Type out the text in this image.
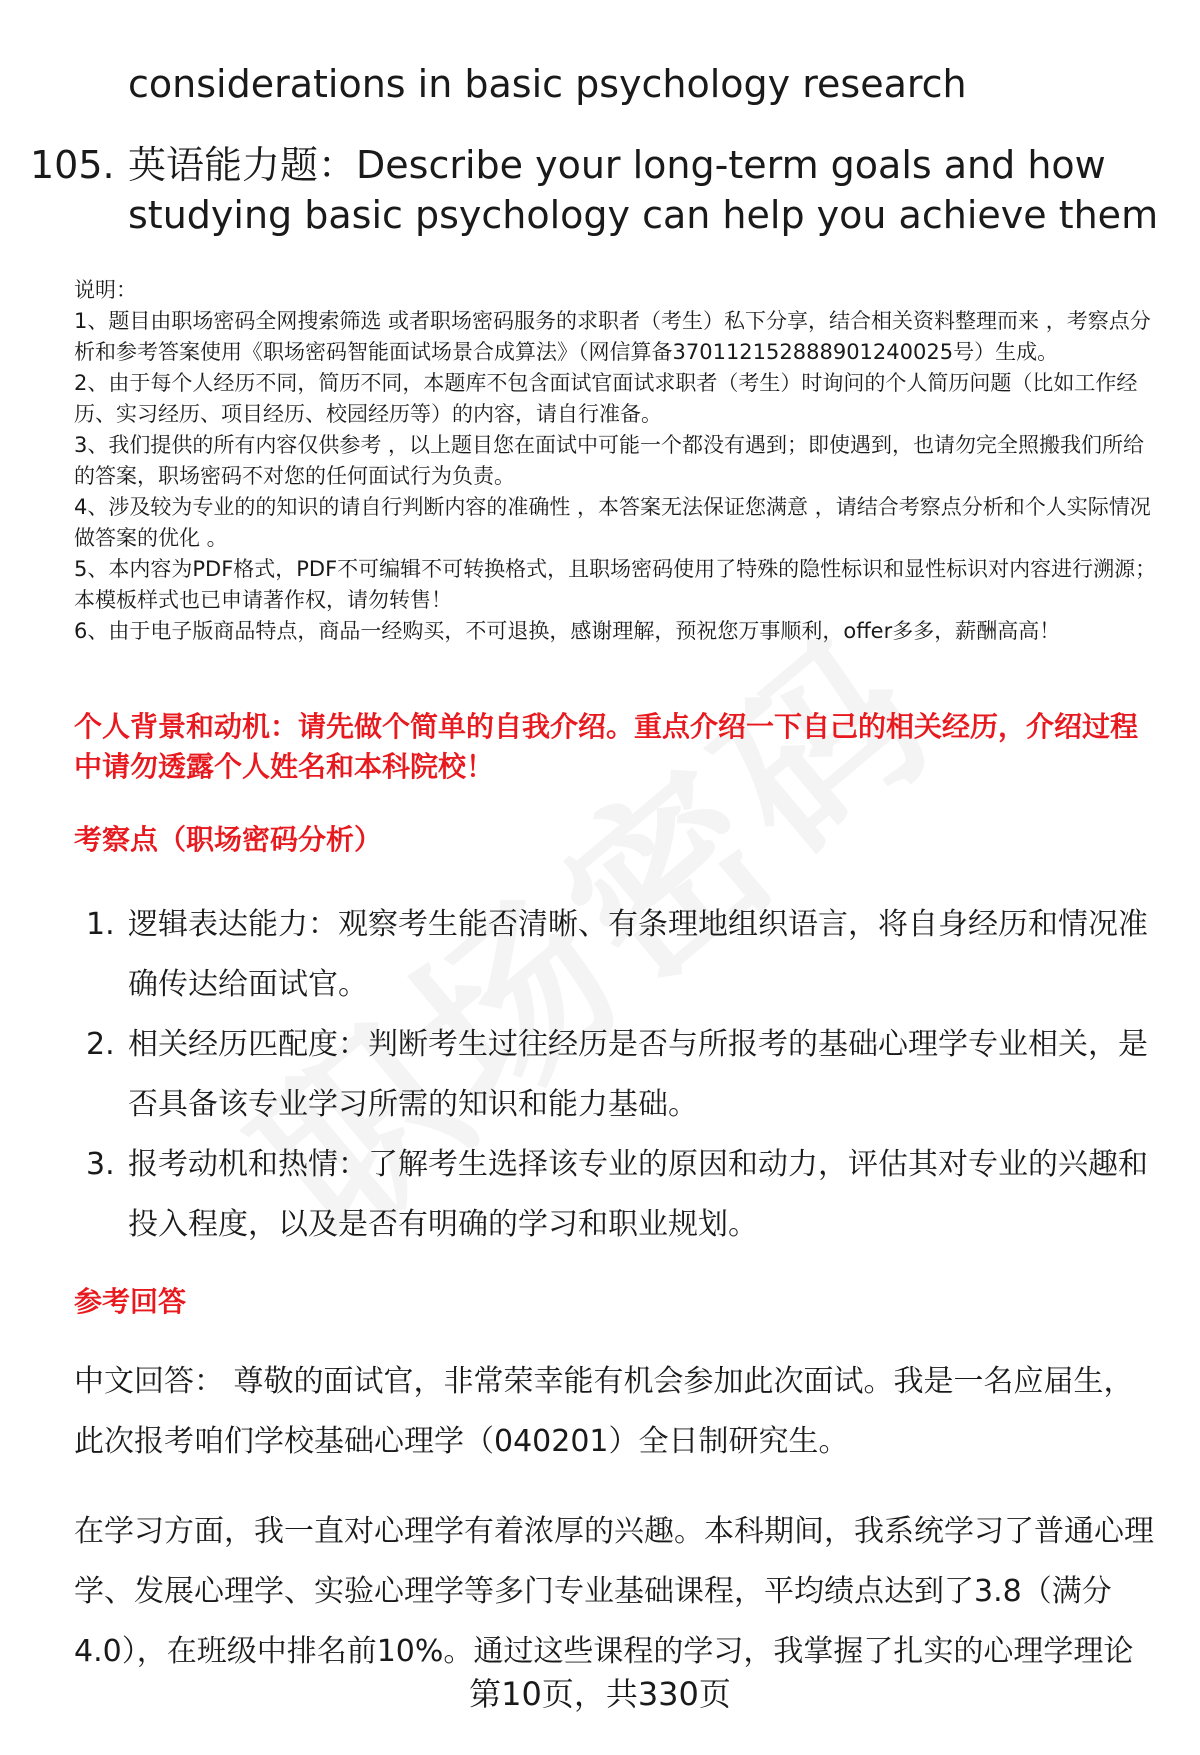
considerations in basic psychology research
105. 英语能力题：Describe your long-term goals and how studying basic psychology can help you achieve them

说明：

1、题目由职场密码全网搜索筛选 或者职场密码服务的求职者（考生）私下分享，结合相关资料整理而来 ，考察点分析和参考答案使用《职场密码智能面试场景合成算法》（网信算备370112152888901240025号）生成。

2、由于每个人经历不同，简历不同，本题库不包含面试官面试求职者（考生）时询问的个人简历问题（比如工作经历、实习经历、项目经历、校园经历等）的内容，请自行准备。

3、我们提供的所有内容仅供参考 ，以上题目您在面试中可能一个都没有遇到；即使遇到，也请勿完全照搬我们所给的答案，职场密码不对您的任何面试行为负责。

4、涉及较为专业的的知识的请自行判断内容的准确性 ，本答案无法保证您满意 ，请结合考察点分析和个人实际情况做答案的优化 。

5、本内容为PDF格式，PDF不可编辑不可转换格式，且职场密码使用了特殊的隐性标识和显性标识对内容进行溯源；本模板样式也已申请著作权，请勿转售！

6、由于电子版商品特点，商品一经购买，不可退换，感谢理解，预祝您万事顺利，offer多多，薪酬高高！

个人背景和动机：请先做个简单的自我介绍。重点介绍一下自己的相关经历，介绍过程中请勿透露个人姓名和本科院校！
考察点（职场密码分析）
1. 逻辑表达能力：观察考生能否清晰、有条理地组织语言，将自身经历和情况准确传达给面试官。
2. 相关经历匹配度：判断考生过往经历是否与所报考的基础心理学专业相关，是否具备该专业学习所需的知识和能力基础。
3. 报考动机和热情：了解考生选择该专业的原因和动力，评估其对专业的兴趣和投入程度，以及是否有明确的学习和职业规划。
参考回答

中文回答： 尊敬的面试官，非常荣幸能有机会参加此次面试。我是一名应届生，此次报考咱们学校基础心理学（040201）全日制研究生。

在学习方面，我一直对心理学有着浓厚的兴趣。本科期间，我系统学习了普通心理学、发展心理学、实验心理学等多门专业基础课程，平均绩点达到了3.8（满分4.0），在班级中排名前10%。通过这些课程的学习，我掌握了扎实的心理学理论

第10页，共330页
